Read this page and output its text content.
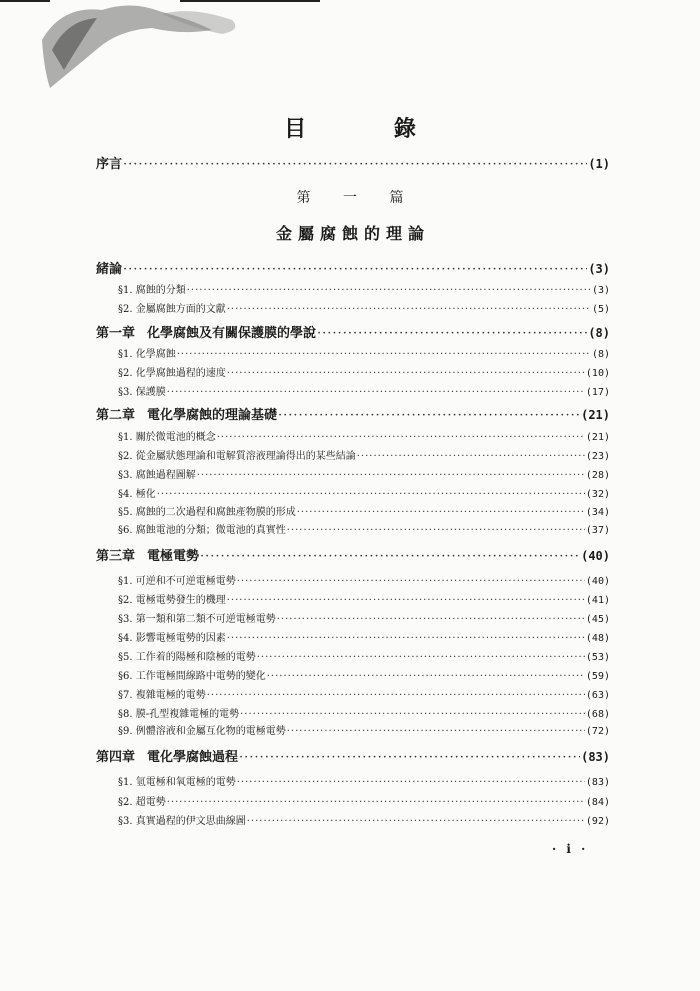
目 錄
序言 ·····	(1)
第 一 篇
金屬腐蝕的理論
緒論 ·····	(3)
§1. 腐蝕的分類 ·····	(3)
§2. 金屬腐蝕方面的文獻 ·····	(5)
第一章 化學腐蝕及有關保護膜的學說 ·····	(8)
§1. 化學腐蝕 ·····	(8)
§2. 化學腐蝕過程的速度 ·····	(10)
§3. 保護膜 ·····	(17)
第二章 電化學腐蝕的理論基礎 ·····	(21)
§1. 關於微電池的概念 ·····	(21)
§2. 從金屬狀態理論和電解質溶液理論得出的某些結論 ·····	(23)
§3. 腐蝕過程圖解 ·····	(28)
§4. 極化 ·····	(32)
§5. 腐蝕的二次過程和腐蝕產物膜的形成 ·····	(34)
§6. 腐蝕電池的分類；微電池的真實性 ·····	(37)
第三章 電極電勢 ·····	(40)
§1. 可逆和不可逆電極電勢 ·····	(40)
§2. 電極電勢發生的機理 ·····	(41)
§3. 第一類和第二類不可逆電極電勢 ·····	(45)
§4. 影響電極電勢的因素 ·····	(48)
§5. 工作着的陽極和陰極的電勢 ·····	(53)
§6. 工作電極間線路中電勢的變化 ·····	(59)
§7. 複雜電極的電勢 ·····	(63)
§8. 膜-孔型複雜電極的電勢 ·····	(68)
§9. 例體溶液和金屬互化物的電極電勢 ·····	(72)
第四章 電化學腐蝕過程 ·····	(83)
§1. 氫電極和氧電極的電勢 ·····	(83)
§2. 超電勢 ·····	(84)
§3. 真實過程的伊文思曲線圖 ·····	(92)
· i ·
